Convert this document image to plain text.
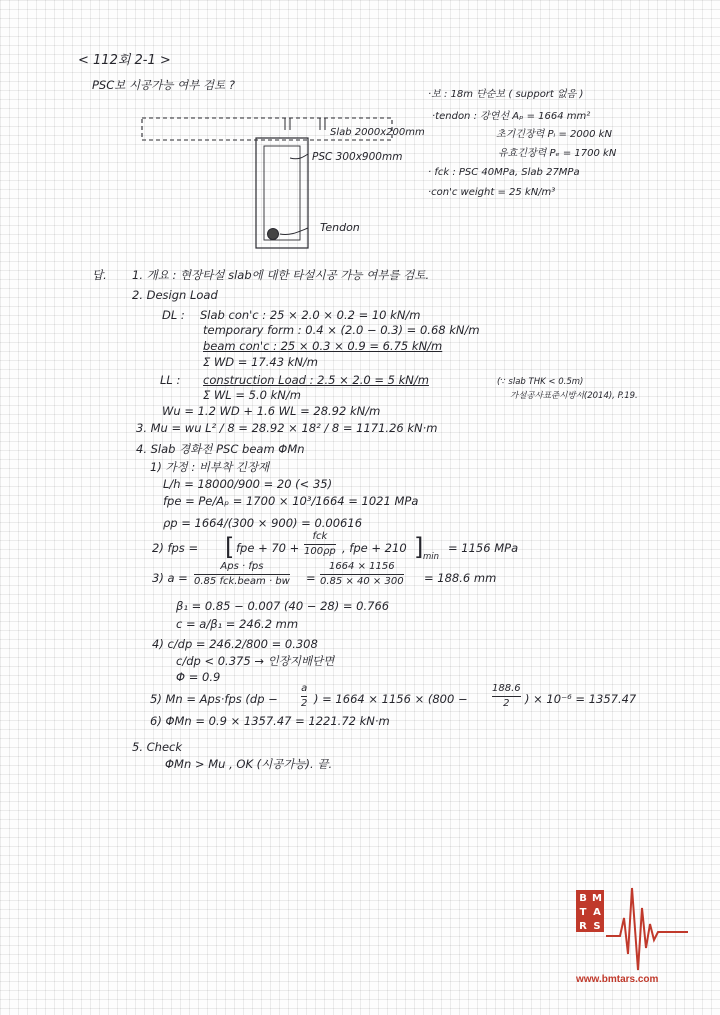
< 112회 2-1 >
PSC보 시공가능 여부 검토 ?
Slab 2000x200mm
PSC 300x900mm
Tendon
·보 : 18m 단순보 ( support 없음 )
·tendon : 강연선 Aₚ = 1664 mm²
초기긴장력 Pᵢ = 2000 kN
유효긴장력 Pₑ = 1700 kN
· fck : PSC 40MPa, Slab 27MPa
·con'c weight = 25 kN/m³
답. 1. 개요 : 현장타설 slab에 대한 타설시공 가능 여부를 검토.
2. Design Load
DL : Slab con'c : 25 × 2.0 × 0.2 = 10 kN/m
temporary form : 0.4 × (2.0 − 0.3) = 0.68 kN/m
beam con'c : 25 × 0.3 × 0.9 = 6.75 kN/m
Σ WD = 17.43 kN/m
LL : construction Load : 2.5 × 2.0 = 5 kN/m	(∵ slab THK < 0.5m)
가설공사표준시방서(2014), P.19.
Σ WL = 5.0 kN/m
Wu = 1.2 WD + 1.6 WL = 28.92 kN/m
3. Mu = wu L² / 8 = 28.92 × 18² / 8 = 1171.26 kN·m
4. Slab 경화전 PSC beam ΦMn
1) 가정 : 비부착 긴장재
L/h = 18000/900 = 20 (< 35)
fpe = Pe/Aₚ = 1700 × 10³/1664 = 1021 MPa
ρp = 1664/(300 × 900) = 0.00616
2) fps = [ fpe + 70 +
fck
100ρp , fpe + 210 ] min
= 1156 MPa
3) a =
Aps · fps
0.85 fck.beam · bw =
1664 × 1156
0.85 × 40 × 300 = 188.6 mm
β₁ = 0.85 − 0.007 (40 − 28) = 0.766
c = a/β₁ = 246.2 mm
4) c/dp = 246.2/800 = 0.308
c/dp < 0.375 → 인장지배단면
Φ = 0.9
5) Mn = Aps·fps (dp −
a
2 ) = 1664 × 1156 × (800 −
188.6
2	) × 10⁻⁶ = 1357.47
6) ΦMn = 0.9 × 1357.47 = 1221.72 kN·m
5. Check
ΦMn > Mu , OK (시공가능). 끝.
B M
T A
R S
www.bmtars.com
